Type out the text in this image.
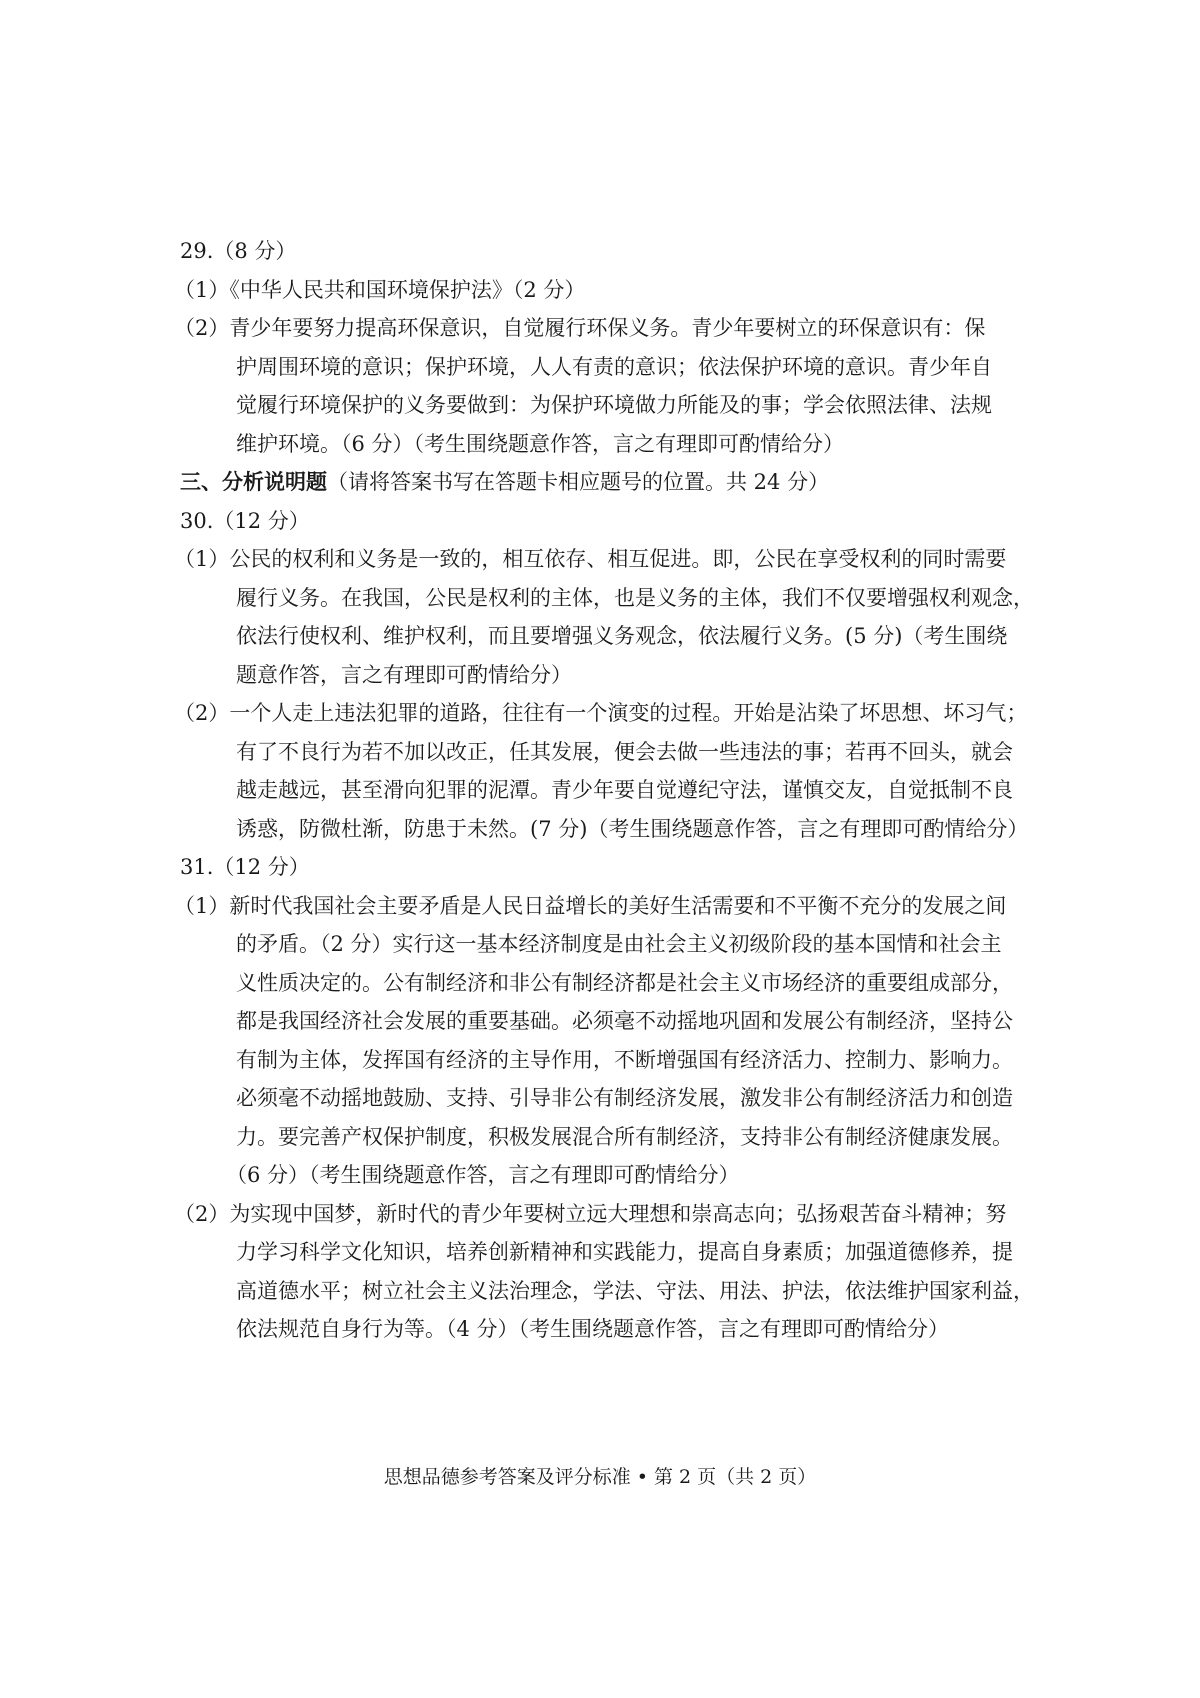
29.（8 分）
（1）《中华人民共和国环境保护法》（2 分）
（2）青少年要努力提高环保意识，自觉履行环保义务。青少年要树立的环保意识有：保
护周围环境的意识；保护环境，人人有责的意识；依法保护环境的意识。青少年自
觉履行环境保护的义务要做到：为保护环境做力所能及的事；学会依照法律、法规
维护环境。（6 分）（考生围绕题意作答，言之有理即可酌情给分）
三、分析说明题（请将答案书写在答题卡相应题号的位置。共 24 分）
30.（12 分）
（1）公民的权利和义务是一致的，相互依存、相互促进。即，公民在享受权利的同时需要
履行义务。在我国，公民是权利的主体，也是义务的主体，我们不仅要增强权利观念，
依法行使权利、维护权利，而且要增强义务观念，依法履行义务。(5 分)（考生围绕
题意作答，言之有理即可酌情给分）
（2）一个人走上违法犯罪的道路，往往有一个演变的过程。开始是沾染了坏思想、坏习气；
有了不良行为若不加以改正，任其发展，便会去做一些违法的事；若再不回头，就会
越走越远，甚至滑向犯罪的泥潭。青少年要自觉遵纪守法，谨慎交友，自觉抵制不良
诱惑，防微杜渐，防患于未然。(7 分)（考生围绕题意作答，言之有理即可酌情给分）
31.（12 分）
（1）新时代我国社会主要矛盾是人民日益增长的美好生活需要和不平衡不充分的发展之间
的矛盾。（2 分）实行这一基本经济制度是由社会主义初级阶段的基本国情和社会主
义性质决定的。公有制经济和非公有制经济都是社会主义市场经济的重要组成部分，
都是我国经济社会发展的重要基础。必须毫不动摇地巩固和发展公有制经济，坚持公
有制为主体，发挥国有经济的主导作用，不断增强国有经济活力、控制力、影响力。
必须毫不动摇地鼓励、支持、引导非公有制经济发展，激发非公有制经济活力和创造
力。要完善产权保护制度，积极发展混合所有制经济，支持非公有制经济健康发展。
（6 分）（考生围绕题意作答，言之有理即可酌情给分）
（2）为实现中国梦，新时代的青少年要树立远大理想和崇高志向；弘扬艰苦奋斗精神；努
力学习科学文化知识，培养创新精神和实践能力，提高自身素质；加强道德修养，提
高道德水平；树立社会主义法治理念，学法、守法、用法、护法，依法维护国家利益，
依法规范自身行为等。（4 分）（考生围绕题意作答，言之有理即可酌情给分）
思想品德参考答案及评分标准 • 第 2 页（共 2 页）
